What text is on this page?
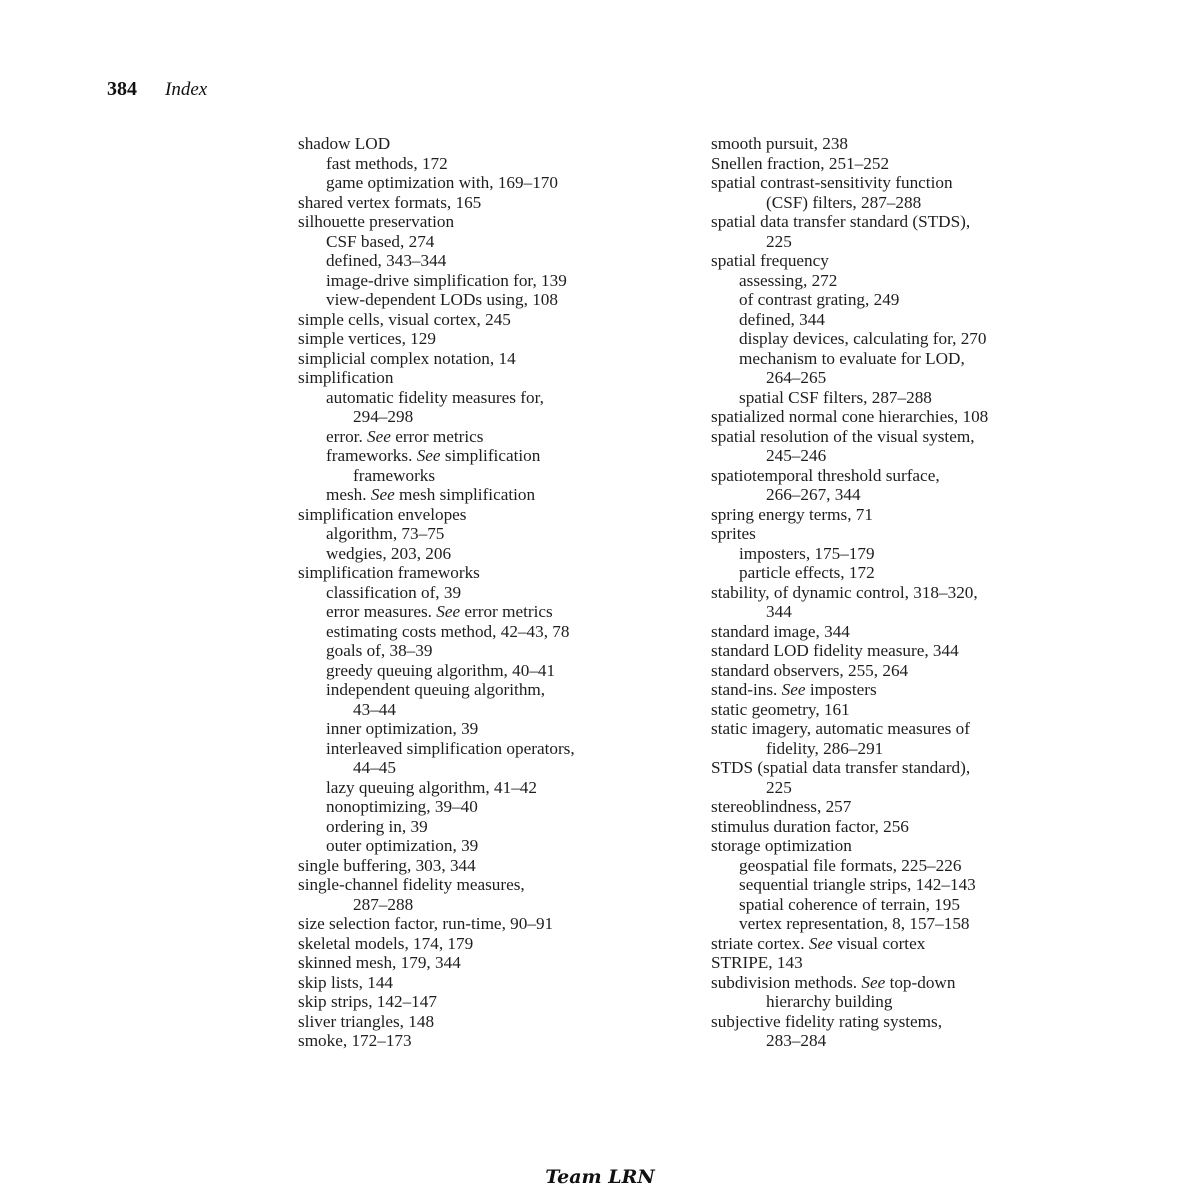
384 Index
shadow LOD
fast methods, 172
game optimization with, 169–170
shared vertex formats, 165
silhouette preservation
CSF based, 274
defined, 343–344
image-drive simplification for, 139
view-dependent LODs using, 108
simple cells, visual cortex, 245
simple vertices, 129
simplicial complex notation, 14
simplification
automatic fidelity measures for,
294–298
error. See error metrics
frameworks. See simplification
frameworks
mesh. See mesh simplification
simplification envelopes
algorithm, 73–75
wedgies, 203, 206
simplification frameworks
classification of, 39
error measures. See error metrics
estimating costs method, 42–43, 78
goals of, 38–39
greedy queuing algorithm, 40–41
independent queuing algorithm,
43–44
inner optimization, 39
interleaved simplification operators,
44–45
lazy queuing algorithm, 41–42
nonoptimizing, 39–40
ordering in, 39
outer optimization, 39
single buffering, 303, 344
single-channel fidelity measures,
287–288
size selection factor, run-time, 90–91
skeletal models, 174, 179
skinned mesh, 179, 344
skip lists, 144
skip strips, 142–147
sliver triangles, 148
smoke, 172–173
smooth pursuit, 238
Snellen fraction, 251–252
spatial contrast-sensitivity function
(CSF) filters, 287–288
spatial data transfer standard (STDS),
225
spatial frequency
assessing, 272
of contrast grating, 249
defined, 344
display devices, calculating for, 270
mechanism to evaluate for LOD,
264–265
spatial CSF filters, 287–288
spatialized normal cone hierarchies, 108
spatial resolution of the visual system,
245–246
spatiotemporal threshold surface,
266–267, 344
spring energy terms, 71
sprites
imposters, 175–179
particle effects, 172
stability, of dynamic control, 318–320,
344
standard image, 344
standard LOD fidelity measure, 344
standard observers, 255, 264
stand-ins. See imposters
static geometry, 161
static imagery, automatic measures of
fidelity, 286–291
STDS (spatial data transfer standard),
225
stereoblindness, 257
stimulus duration factor, 256
storage optimization
geospatial file formats, 225–226
sequential triangle strips, 142–143
spatial coherence of terrain, 195
vertex representation, 8, 157–158
striate cortex. See visual cortex
STRIPE, 143
subdivision methods. See top-down
hierarchy building
subjective fidelity rating systems,
283–284
Team LRN
